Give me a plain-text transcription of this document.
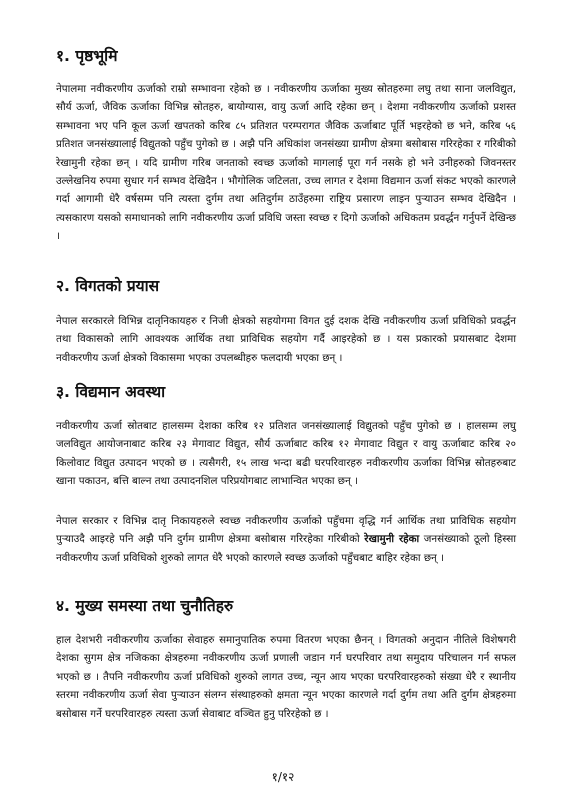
१. पृष्ठभूमि
नेपालमा नवीकरणीय ऊर्जाको राम्रो सम्भावना रहेको छ । नवीकरणीय ऊर्जाका मुख्य स्रोतहरुमा लघु तथा साना जलविद्युत, सौर्य ऊर्जा, जैविक ऊर्जाका विभिन्न स्रोतहरु, बायोग्यास, वायु ऊर्जा आदि रहेका छन् । देशमा नवीकरणीय ऊर्जाको प्रशस्त सम्भावना भए पनि कूल ऊर्जा खपतको करिब ८५ प्रतिशत परम्परागत जैविक ऊर्जाबाट पूर्ति भइरहेको छ भने, करिब ५६ प्रतिशत जनसंख्यालाई विद्युतको पहुँच पुगेको छ । अझै पनि अधिकांश जनसंख्या ग्रामीण क्षेत्रमा बसोबास गरिरहेका र गरिबीको रेखामुनी रहेका छन् । यदि ग्रामीण गरिब जनताको स्वच्छ ऊर्जाको मागलाई पूरा गर्न नसके हो भने उनीहरुको जिवनस्तर उल्लेखनिय रुपमा सुधार गर्न सम्भव देखिदैन । भौगोलिक जटिलता, उच्च लागत र देशमा विद्यमान ऊर्जा संकट भएको कारणले गर्दा आगामी धेरै वर्षसम्म पनि त्यस्ता दुर्गम तथा अतिदुर्गम ठाउँहरुमा राष्ट्रिय प्रसारण लाइन पुऱ्याउन सम्भव देखिदैन । त्यसकारण यसको समाधानको लागि नवीकरणीय ऊर्जा प्रविधि जस्ता स्वच्छ र दिगो ऊर्जाको अधिकतम प्रवर्द्धन गर्नुपर्ने देखिन्छ ।
२. विगतको प्रयास
नेपाल सरकारले विभिन्न दातृनिकायहरु र निजी क्षेत्रको सहयोगमा विगत दुई दशक देखि नवीकरणीय ऊर्जा प्रविधिको प्रवर्द्धन तथा विकासको लागि आवश्यक आर्थिक तथा प्राविधिक सहयोग गर्दै आइरहेको छ । यस प्रकारको प्रयासबाट देशमा नवीकरणीय ऊर्जा क्षेत्रको विकासमा भएका उपलब्धीहरु फलदायी भएका छन् ।
३. विद्यमान अवस्था
नवीकरणीय ऊर्जा स्रोतबाट हालसम्म देशका करिब १२ प्रतिशत जनसंख्यालाई विद्युतको पहुँच पुगेको छ । हालसम्म लघु जलविद्युत आयोजनाबाट करिब २३ मेगावाट विद्युत, सौर्य ऊर्जाबाट करिब १२ मेगावाट विद्युत र वायु ऊर्जाबाट करिब २० किलोवाट विद्युत उत्पादन भएको छ । त्यसैगरी, १५ लाख भन्दा बढी घरपरिवारहरु नवीकरणीय ऊर्जाका विभिन्न स्रोतहरुबाट खाना पकाउन, बत्ति बाल्न तथा उत्पादनशिल परिप्रयोगबाट लाभान्वित भएका छन् ।
नेपाल सरकार र विभिन्न दातृ निकायहरुले स्वच्छ नवीकरणीय ऊर्जाको पहुँचमा वृद्धि गर्न आर्थिक तथा प्राविधिक सहयोग पुऱ्याउदै आइरहे पनि अझै पनि दुर्गम ग्रामीण क्षेत्रमा बसोबास गरिरहेका गरिबीको रेखामुनी रहेका जनसंख्याको ठूलो हिस्सा नवीकरणीय ऊर्जा प्रविधिको शुरुको लागत धेरै भएको कारणले स्वच्छ ऊर्जाको पहुँचबाट बाहिर रहेका छन् ।
४. मुख्य समस्या तथा चुनौतिहरु
हाल देशभरी नवीकरणीय ऊर्जाका सेवाहरु समानुपातिक रुपमा वितरण भएका छैनन् । विगतको अनुदान नीतिले विशेषगरी देशका सुगम क्षेत्र नजिकका क्षेत्रहरुमा नवीकरणीय ऊर्जा प्रणाली जडान गर्न घरपरिवार तथा समुदाय परिचालन गर्न सफल भएको छ । तैपनि नवीकरणीय ऊर्जा प्रविधिको शुरुको लागत उच्च, न्यून आय भएका घरपरिवारहरुको संख्या धेरै र स्थानीय स्तरमा नवीकरणीय ऊर्जा सेवा पुऱ्याउन संलग्न संस्थाहरुको क्षमता न्यून भएका कारणले गर्दा दुर्गम तथा अति दुर्गम क्षेत्रहरुमा बसोबास गर्ने घरपरिवारहरु त्यस्ता ऊर्जा सेवाबाट वञ्चित हुनु परिरहेको छ ।
१/१२
